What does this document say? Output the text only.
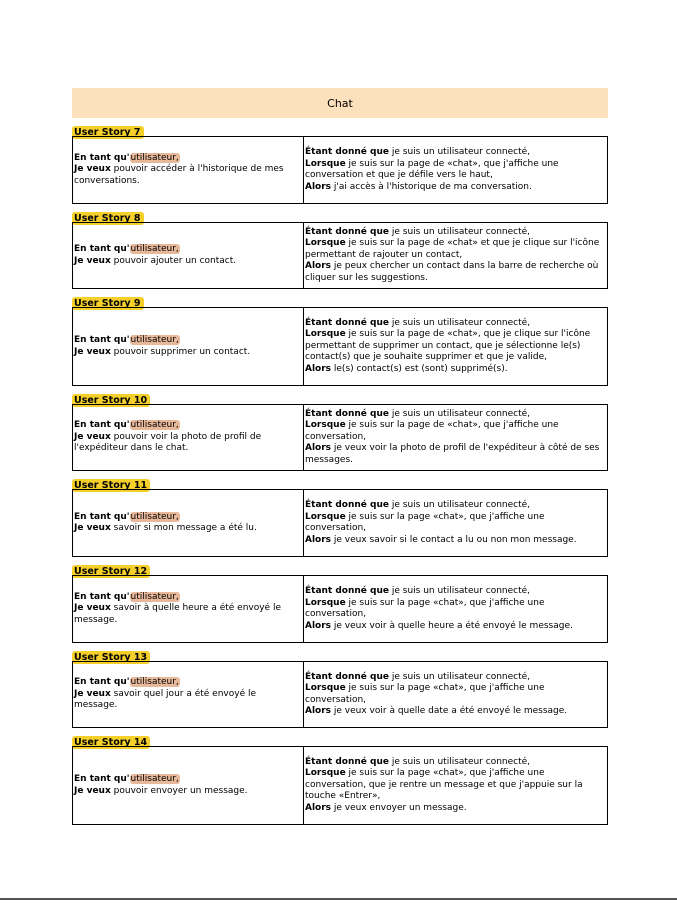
Chat
User Story 7
En tant qu'utilisateur,
Je veux pouvoir accéder à l'historique de mes conversations.
Étant donné que je suis un utilisateur connecté,
Lorsque je suis sur la page de «chat», que j'affiche une conversation et que je défile vers le haut,
Alors j'ai accès à l'historique de ma conversation.
User Story 8
En tant qu'utilisateur,
Je veux pouvoir ajouter un contact.
Étant donné que je suis un utilisateur connecté,
Lorsque je suis sur la page de «chat» et que je clique sur l'icône permettant de rajouter un contact,
Alors je peux chercher un contact dans la barre de recherche où cliquer sur les suggestions.
User Story 9
En tant qu'utilisateur,
Je veux pouvoir supprimer un contact.
Étant donné que je suis un utilisateur connecté,
Lorsque je suis sur la page de «chat», que je clique sur l'icône permettant de supprimer un contact, que je sélectionne le(s) contact(s) que je souhaite supprimer et que je valide,
Alors le(s) contact(s) est (sont) supprimé(s).
User Story 10
En tant qu'utilisateur,
Je veux pouvoir voir la photo de profil de l'expéditeur dans le chat.
Étant donné que je suis un utilisateur connecté,
Lorsque je suis sur la page de «chat», que j'affiche une conversation,
Alors je veux voir la photo de profil de l'expéditeur à côté de ses messages.
User Story 11
En tant qu'utilisateur,
Je veux savoir si mon message a été lu.
Étant donné que je suis un utilisateur connecté,
Lorsque je suis sur la page «chat», que j'affiche une conversation,
Alors je veux savoir si le contact a lu ou non mon message.
User Story 12
En tant qu'utilisateur,
Je veux savoir à quelle heure a été envoyé le message.
Étant donné que je suis un utilisateur connecté,
Lorsque je suis sur la page «chat», que j'affiche une conversation,
Alors je veux voir à quelle heure a été envoyé le message.
User Story 13
En tant qu'utilisateur,
Je veux savoir quel jour a été envoyé le message.
Étant donné que je suis un utilisateur connecté,
Lorsque je suis sur la page «chat», que j'affiche une conversation,
Alors je veux voir à quelle date a été envoyé le message.
User Story 14
En tant qu'utilisateur,
Je veux pouvoir envoyer un message.
Étant donné que je suis un utilisateur connecté,
Lorsque je suis sur la page «chat», que j'affiche une conversation, que je rentre un message et que j'appuie sur la touche «Entrer»,
Alors je veux envoyer un message.
